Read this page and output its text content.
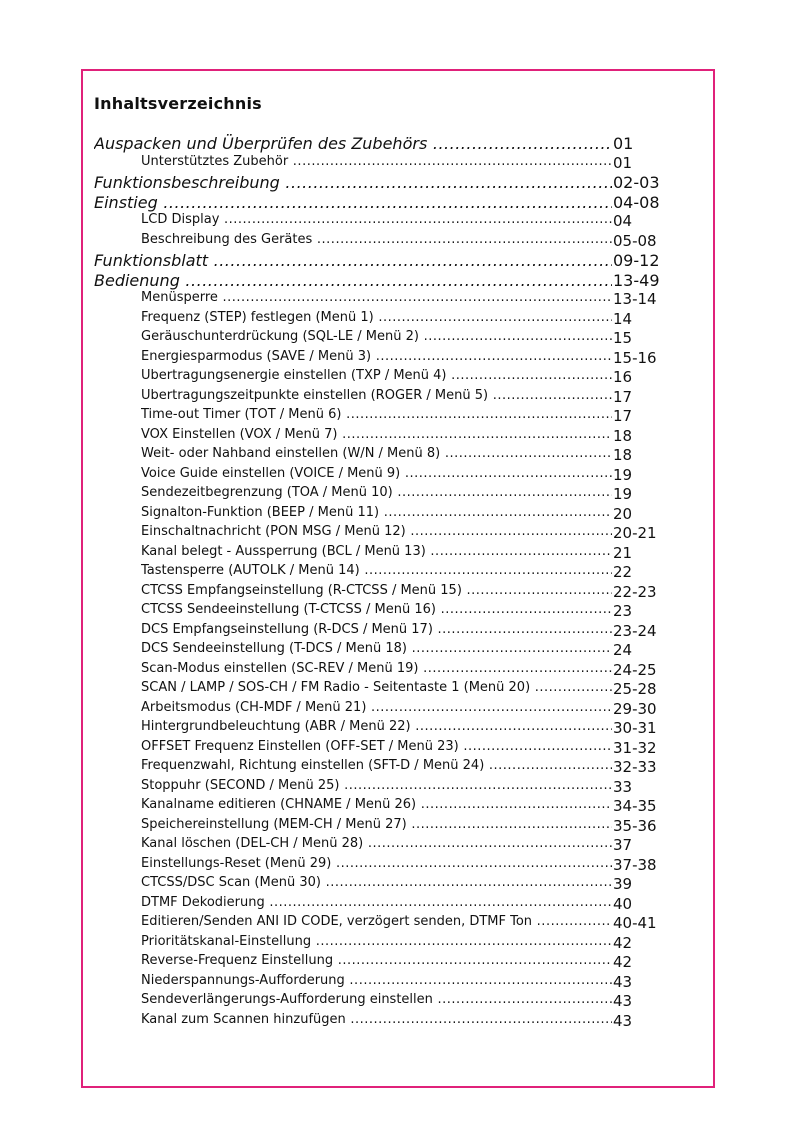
Inhaltsverzeichnis
Auspacken und Überprüfen des Zubehörs .....	01
Unterstütztes Zubehör .....	01
Funktionsbeschreibung .....	02-03
Einstieg .....	04-08
LCD Display .....	04
Beschreibung des Gerätes .....	05-08
Funktionsblatt .....	09-12
Bedienung .....	13-49
Menüsperre .....	13-14
Frequenz (STEP) festlegen (Menü 1) .....	14
Geräuschunterdrückung (SQL-LE / Menü 2) .....	15
Energiesparmodus (SAVE / Menü 3) .....	15-16
Übertragungsenergie einstellen (TXP / Menü 4) .....	16
Übertragungszeitpunkte einstellen (ROGER / Menü 5) .....	17
Time-out Timer (TOT / Menü 6) .....	17
VOX Einstellen (VOX / Menü 7) .....	18
Weit- oder Nahband einstellen (W/N / Menü 8) .....	18
Voice Guide einstellen (VOICE / Menü 9) .....	19
Sendezeitbegrenzung (TOA / Menü 10) .....	19
Signalton-Funktion (BEEP / Menü 11) .....	20
Einschaltnachricht (PON MSG / Menü 12) .....	20-21
Kanal belegt - Aussperrung (BCL / Menü 13) .....	21
Tastensperre (AUTOLK / Menü 14) .....	22
CTCSS Empfangseinstellung (R-CTCSS / Menü 15) .....	22-23
CTCSS Sendeeinstellung (T-CTCSS / Menü 16) .....	23
DCS Empfangseinstellung (R-DCS / Menü 17) .....	23-24
DCS Sendeeinstellung (T-DCS / Menü 18) .....	24
Scan-Modus einstellen (SC-REV / Menü 19) .....	24-25
SCAN / LAMP / SOS-CH / FM Radio - Seitentaste 1 (Menü 20) .....	25-28
Arbeitsmodus (CH-MDF / Menü 21) .....	29-30
Hintergrundbeleuchtung (ABR / Menü 22) .....	30-31
OFFSET Frequenz Einstellen (OFF-SET / Menü 23) .....	31-32
Frequenzwahl, Richtung einstellen (SFT-D / Menü 24) .....	32-33
Stoppuhr (SECOND / Menü 25) .....	33
Kanalname editieren (CHNAME / Menü 26) .....	34-35
Speichereinstellung (MEM-CH / Menü 27) .....	35-36
Kanal löschen (DEL-CH / Menü 28) .....	37
Einstellungs-Reset (Menü 29) .....	37-38
CTCSS/DSC Scan (Menü 30) .....	39
DTMF Dekodierung .....	40
Editieren/Senden ANI ID CODE, verzögert senden, DTMF Ton .....	40-41
Prioritätskanal-Einstellung .....	42
Reverse-Frequenz Einstellung .....	42
Niederspannungs-Aufforderung .....	43
Sendeverlängerungs-Aufforderung einstellen .....	43
Kanal zum Scannen hinzufügen .....	43
